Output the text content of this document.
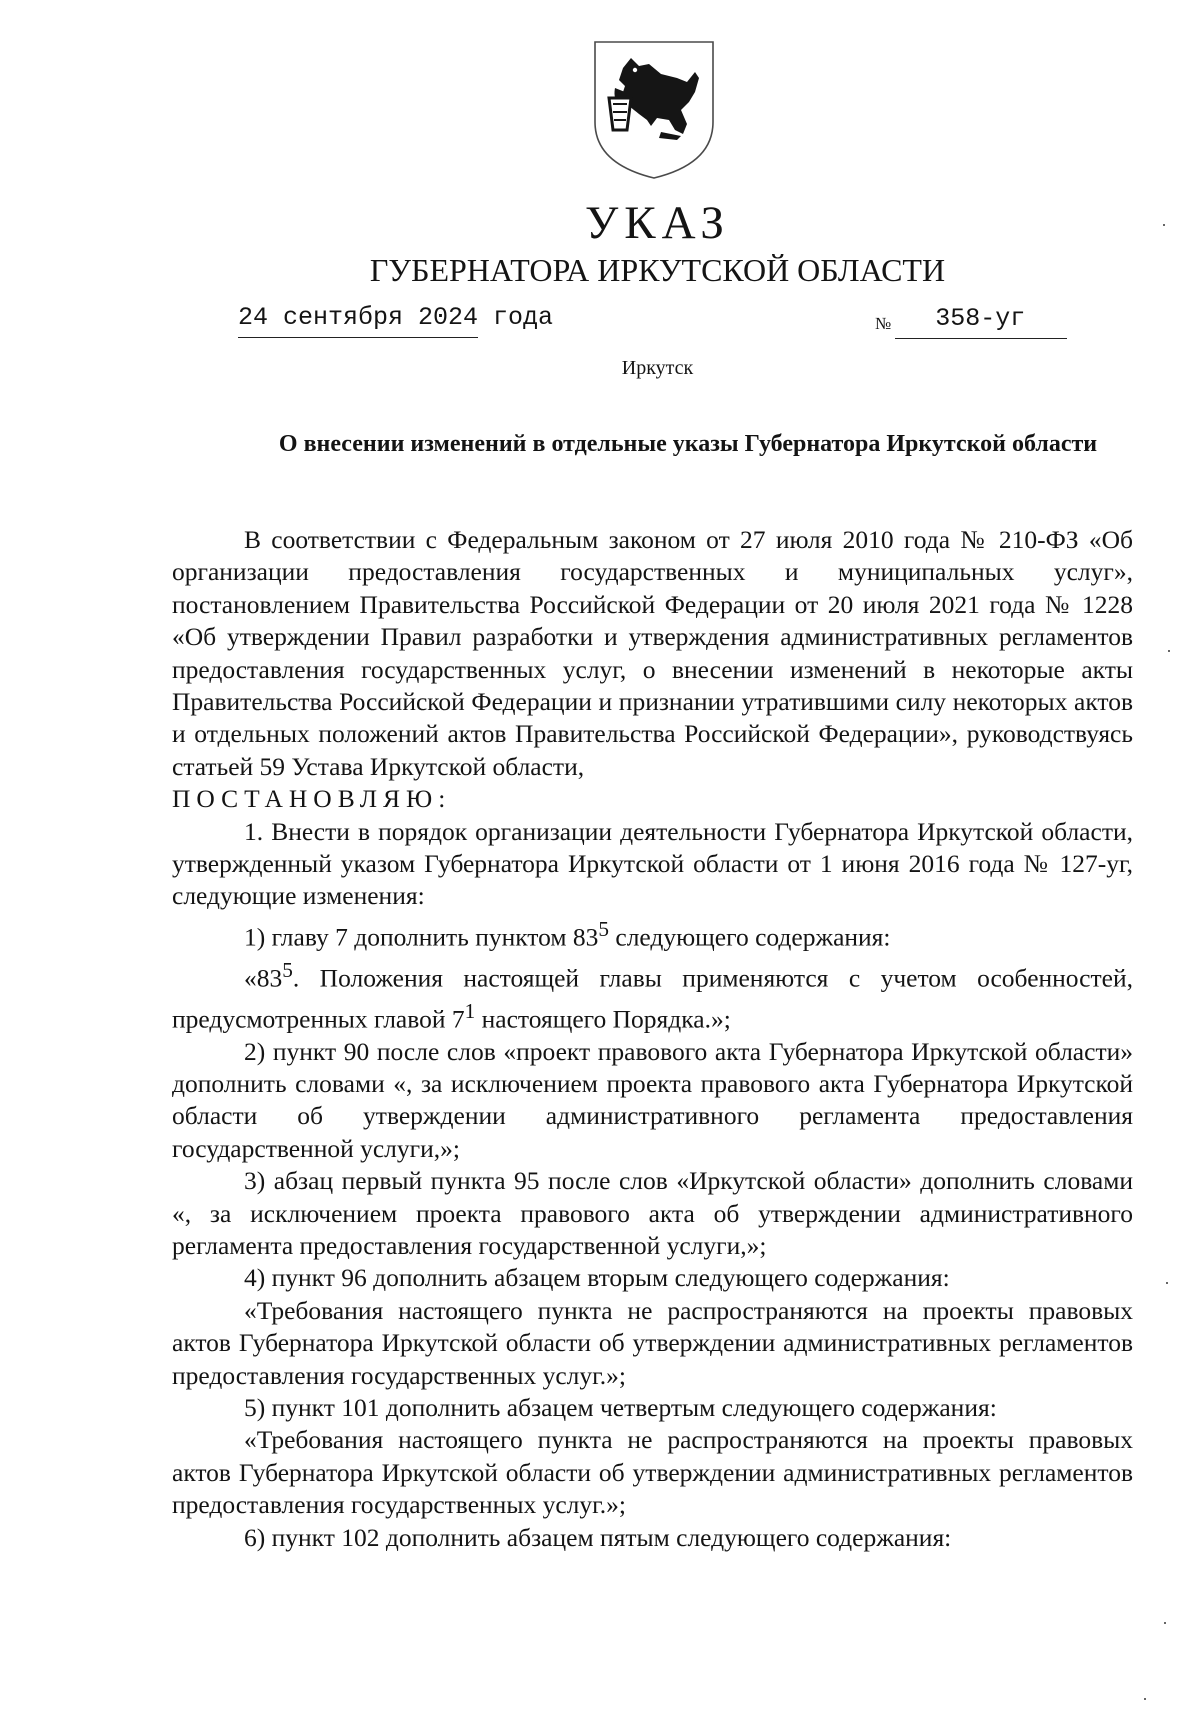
УКАЗ
ГУБЕРНАТОРА ИРКУТСКОЙ ОБЛАСТИ
24 сентября 2024 года	№ 358-уг
Иркутск
О внесении изменений в отдельные указы Губернатора Иркутской области

В соответствии с Федеральным законом от 27 июля 2010 года № 210-ФЗ «Об организации предоставления государственных и муниципальных услуг», постановлением Правительства Российской Федерации от 20 июля 2021 года № 1228 «Об утверждении Правил разработки и утверждения административных регламентов предоставления государственных услуг, о внесении изменений в некоторые акты Правительства Российской Федерации и признании утратившими силу некоторых актов и отдельных положений актов Правительства Российской Федерации», руководствуясь статьей 59 Устава Иркутской области,

ПОСТАНОВЛЯЮ:

1. Внести в порядок организации деятельности Губернатора Иркутской области, утвержденный указом Губернатора Иркутской области от 1 июня 2016 года № 127-уг, следующие изменения:

1) главу 7 дополнить пунктом $83^5$ следующего содержания:

«$83^5$. Положения настоящей главы применяются с учетом особенностей, предусмотренных главой $7^1$ настоящего Порядка.»;

2) пункт 90 после слов «проект правового акта Губернатора Иркутской области» дополнить словами «, за исключением проекта правового акта Губернатора Иркутской области об утверждении административного регламента предоставления государственной услуги,»;

3) абзац первый пункта 95 после слов «Иркутской области» дополнить словами «, за исключением проекта правового акта об утверждении административного регламента предоставления государственной услуги,»;

4) пункт 96 дополнить абзацем вторым следующего содержания:

«Требования настоящего пункта не распространяются на проекты правовых актов Губернатора Иркутской области об утверждении административных регламентов предоставления государственных услуг.»;

5) пункт 101 дополнить абзацем четвертым следующего содержания:

«Требования настоящего пункта не распространяются на проекты правовых актов Губернатора Иркутской области об утверждении административных регламентов предоставления государственных услуг.»;

6) пункт 102 дополнить абзацем пятым следующего содержания:
